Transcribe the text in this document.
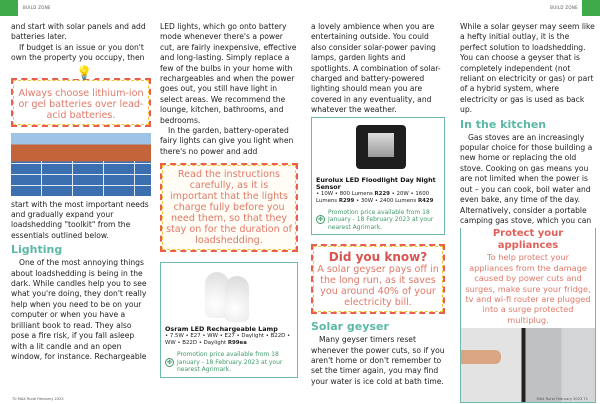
BUILD ZONE	BUILD ZONE

and start with solar panels and add batteries later.

If budget is an issue or you don't own the property you occupy, then

💡
Always choose lithium-ion or gel batteries over lead-acid batteries.

start with the most important needs and gradually expand your loadshedding "toolkit" from the essentials outlined below.

Lighting

One of the most annoying things about loadshedding is being in the dark. While candles help you to see what you're doing, they don't really help when you need to be on your computer or when you have a brilliant book to read. They also pose a fire risk, if you fall asleep with a lit candle and an open window, for instance. Rechargeable

LED lights, which go onto battery mode whenever there's a power cut, are fairly inexpensive, effective and long-lasting. Simply replace a few of the bulbs in your home with rechargeables and when the power goes out, you still have light in select areas. We recommend the lounge, kitchen, bathrooms, and bedrooms.

In the garden, battery-operated fairy lights can give you light when there's no power and add

Read the instructions carefully, as it is important that the lights charge fully before you need them, so that they stay on for the duration of loadshedding.
Osram LED Rechargeable Lamp
• 7.5W • E27 • WW • E27 • Daylight • B22D • WW • B22D • Daylight R99ea
✤
Promotion price available from 18 January - 18 February 2023 at your nearest Agrimark.

a lovely ambience when you are entertaining outside. You could also consider solar-power paving lamps, garden lights and spotlights. A combination of solar-charged and battery-powered lighting should mean you are covered in any eventuality, and whatever the weather.

Eurolux LED Floodlight Day Night Sensor
• 10W • 800 Lumens R229 • 20W • 1600 Lumens R299 • 30W • 2400 Lumens R429
✤
Promotion price available from 18 January - 18 February 2023 at your nearest Agrimark.
Did you know?
A solar geyser pays off in the long run, as it saves you around 40% of your electricity bill.
Solar geyser

Many geyser timers reset whenever the power cuts, so if you aren't home or don't remember to set the timer again, you may find your water is ice cold at bath time.

While a solar geyser may seem like a hefty initial outlay, it is the perfect solution to loadshedding. You can choose a geyser that is completely independent (not reliant on electricity or gas) or part of a hybrid system, where electricity or gas is used as back up.

In the kitchen

Gas stoves are an increasingly popular choice for those building a new home or replacing the old stove. Cooking on gas means you are not limited when the power is out – you can cook, boil water and even bake, any time of the day. Alternatively, consider a portable camping gas stove, which you can

Protect your appliances
To help protect your appliances from the damage caused by power cuts and surges, make sure your fridge, tv and wi-fi router are plugged into a surge protected multiplug.
70 MAX Rural February 2023	MAX Rural February 2023 71
